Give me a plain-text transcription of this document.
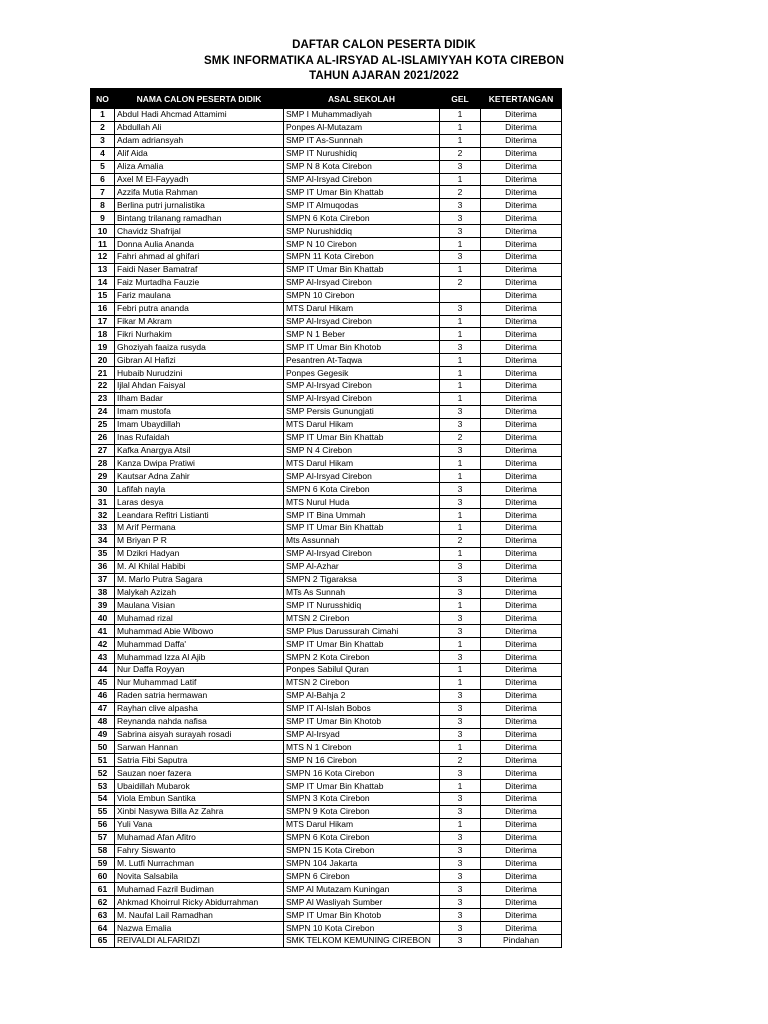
DAFTAR CALON PESERTA DIDIK
SMK INFORMATIKA AL-IRSYAD AL-ISLAMIYYAH KOTA CIREBON
TAHUN AJARAN 2021/2022
NO	NAMA CALON PESERTA DIDIK	ASAL SEKOLAH	GEL	KETERTANGAN
1	Abdul Hadi Ahcmad Attamimi	SMP I Muhammadiyah	1	Diterima
2	Abdullah Ali	Ponpes Al-Mutazam	1	Diterima
3	Adam adriansyah	SMP IT As-Sunnnah	1	Diterima
4	Alif Aida	SMP IT Nurushidiq	2	Diterima
5	Aliza Amalia	SMP N 8 Kota Cirebon	3	Diterima
6	Axel M El-Fayyadh	SMP Al-Irsyad Cirebon	1	Diterima
7	Azzifa Mutia Rahman	SMP IT Umar Bin Khattab	2	Diterima
8	Berlina putri jurnalistika	SMP IT Almuqodas	3	Diterima
9	Bintang trilanang ramadhan	SMPN 6 Kota Cirebon	3	Diterima
10	Chavidz Shafrijal	SMP Nurushiddiq	3	Diterima
11	Donna Aulia Ananda	SMP N 10 Cirebon	1	Diterima
12	Fahri ahmad al ghifari	SMPN 11 Kota Cirebon	3	Diterima
13	Faidi Naser Bamatraf	SMP IT Umar Bin Khattab	1	Diterima
14	Faiz Murtadha Fauzie	SMP Al-Irsyad Cirebon	2	Diterima
15	Fariz maulana	SMPN 10 Cirebon		Diterima
16	Febri putra ananda	MTS Darul Hikam	3	Diterima
17	Fikar M Akram	SMP Al-Irsyad Cirebon	1	Diterima
18	Fikri Nurhakim	SMP N 1 Beber	1	Diterima
19	Ghoziyah faaiza rusyda	SMP IT Umar Bin Khotob	3	Diterima
20	Gibran Al Hafizi	Pesantren At-Taqwa	1	Diterima
21	Hubaib Nurudzini	Ponpes Gegesik	1	Diterima
22	Ijlal Ahdan Faisyal	SMP Al-Irsyad Cirebon	1	Diterima
23	Ilham Badar	SMP Al-Irsyad Cirebon	1	Diterima
24	Imam mustofa	SMP Persis Gunungjati	3	Diterima
25	Imam Ubaydillah	MTS Darul Hikam	3	Diterima
26	Inas Rufaidah	SMP IT Umar Bin Khattab	2	Diterima
27	Kafka Anargya Atsil	SMP N 4 Cirebon	3	Diterima
28	Kanza Dwipa Pratiwi	MTS Darul Hikam	1	Diterima
29	Kautsar Adna Zahir	SMP Al-Irsyad Cirebon	1	Diterima
30	Lafifah nayla	SMPN 6 Kota Cirebon	3	Diterima
31	Laras desya	MTS Nurul Huda	3	Diterima
32	Leandara Refitri Listianti	SMP IT Bina Ummah	1	Diterima
33	M Arif Permana	SMP IT Umar Bin Khattab	1	Diterima
34	M Briyan P R	Mts Assunnah	2	Diterima
35	M Dzikri Hadyan	SMP Al-Irsyad Cirebon	1	Diterima
36	M. Al Khilal Habibi	SMP Al-Azhar	3	Diterima
37	M. Marlo Putra Sagara	SMPN 2 Tigaraksa	3	Diterima
38	Malykah Azizah	MTs As Sunnah	3	Diterima
39	Maulana Visian	SMP IT Nurusshidiq	1	Diterima
40	Muhamad rizal	MTSN 2 Cirebon	3	Diterima
41	Muhammad Abie Wibowo	SMP Plus Darussurah Cimahi	3	Diterima
42	Muhammad Daffa'	SMP IT Umar Bin Khattab	1	Diterima
43	Muhammad Izza Al Ajib	SMPN 2 Kota Cirebon	3	Diterima
44	Nur Daffa Royyan	Ponpes Sabilul Quran	1	Diterima
45	Nur Muhammad Latif	MTSN 2 Cirebon	1	Diterima
46	Raden satria hermawan	SMP Al-Bahja 2	3	Diterima
47	Rayhan clive alpasha	SMP IT Al-Islah Bobos	3	Diterima
48	Reynanda nahda nafisa	SMP IT Umar Bin Khotob	3	Diterima
49	Sabrina aisyah surayah rosadi	SMP Al-Irsyad	3	Diterima
50	Sarwan Hannan	MTS N 1 Cirebon	1	Diterima
51	Satria Fibi Saputra	SMP N 16 Cirebon	2	Diterima
52	Sauzan noer fazera	SMPN 16 Kota Cirebon	3	Diterima
53	Ubaidillah Mubarok	SMP IT Umar Bin Khattab	1	Diterima
54	Viola Embun Santika	SMPN 3 Kota Cirebon	3	Diterima
55	Xinbi Nasywa Billa Az Zahra	SMPN 9 Kota Cirebon	3	Diterima
56	Yuli Vana	MTS Darul Hikam	1	Diterima
57	Muhamad Afan Afitro	SMPN 6 Kota Cirebon	3	Diterima
58	Fahry Siswanto	SMPN 15 Kota Cirebon	3	Diterima
59	M. Lutfi Nurrachman	SMPN 104 Jakarta	3	Diterima
60	Novita Salsabila	SMPN 6 Cirebon	3	Diterima
61	Muhamad Fazril Budiman	SMP Al Mutazam Kuningan	3	Diterima
62	Ahkmad Khoirrul Ricky Abidurrahman	SMP Al Wasliyah Sumber	3	Diterima
63	M. Naufal Lail Ramadhan	SMP IT Umar Bin Khotob	3	Diterima
64	Nazwa Emalia	SMPN 10 Kota Cirebon	3	Diterima
65	REIVALDI ALFARIDZI	SMK TELKOM KEMUNING CIREBON	3	Pindahan
